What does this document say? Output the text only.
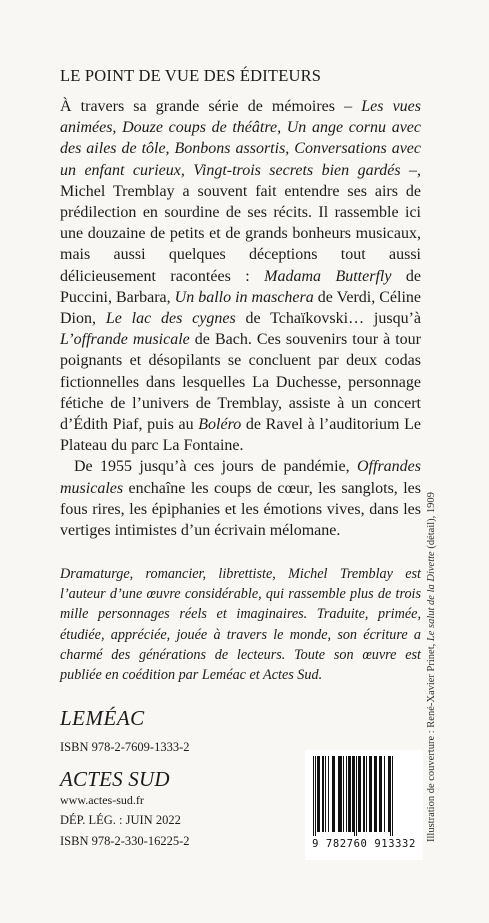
LE POINT DE VUE DES ÉDITEURS

À travers sa grande série de mémoires – Les vues animées, Douze coups de théâtre, Un ange cornu avec des ailes de tôle, Bonbons assortis, Conversations avec un enfant curieux, Vingt-trois secrets bien gardés –, Michel Tremblay a souvent fait entendre ses airs de prédilection en sourdine de ses récits. Il rassemble ici une douzaine de petits et de grands bonheurs musicaux, mais aussi quelques déceptions tout aussi délicieusement racontées : Madama Butterfly de Puccini, Barbara, Un ballo in maschera de Verdi, Céline Dion, Le lac des cygnes de Tchaïkovski… jusqu’à L’offrande musicale de Bach. Ces souvenirs tour à tour poignants et désopilants se concluent par deux codas fictionnelles dans lesquelles La Duchesse, personnage fétiche de l’univers de Tremblay, assiste à un concert d’Édith Piaf, puis au Boléro de Ravel à l’auditorium Le Plateau du parc La Fontaine.

De 1955 jusqu’à ces jours de pandémie, Offrandes musicales enchaîne les coups de cœur, les sanglots, les fous rires, les épiphanies et les émotions vives, dans les vertiges intimistes d’un écrivain mélomane.

Dramaturge, romancier, librettiste, Michel Tremblay est l’auteur d’une œuvre considérable, qui rassemble plus de trois mille personnages réels et imaginaires. Traduite, primée, étudiée, appréciée, jouée à travers le monde, son écriture a charmé des générations de lecteurs. Toute son œuvre est publiée en coédition par Leméac et Actes Sud.

LEMÉAC
ISBN 978-2-7609-1333-2
ACTES SUD
www.actes-sud.fr
DÉP. LÉG. : JUIN 2022
ISBN 978-2-330-16225-2	Illustration de couverture : René-Xavier Prinet, Le salut de la Divette (détail), 1909
9 782760 913332
